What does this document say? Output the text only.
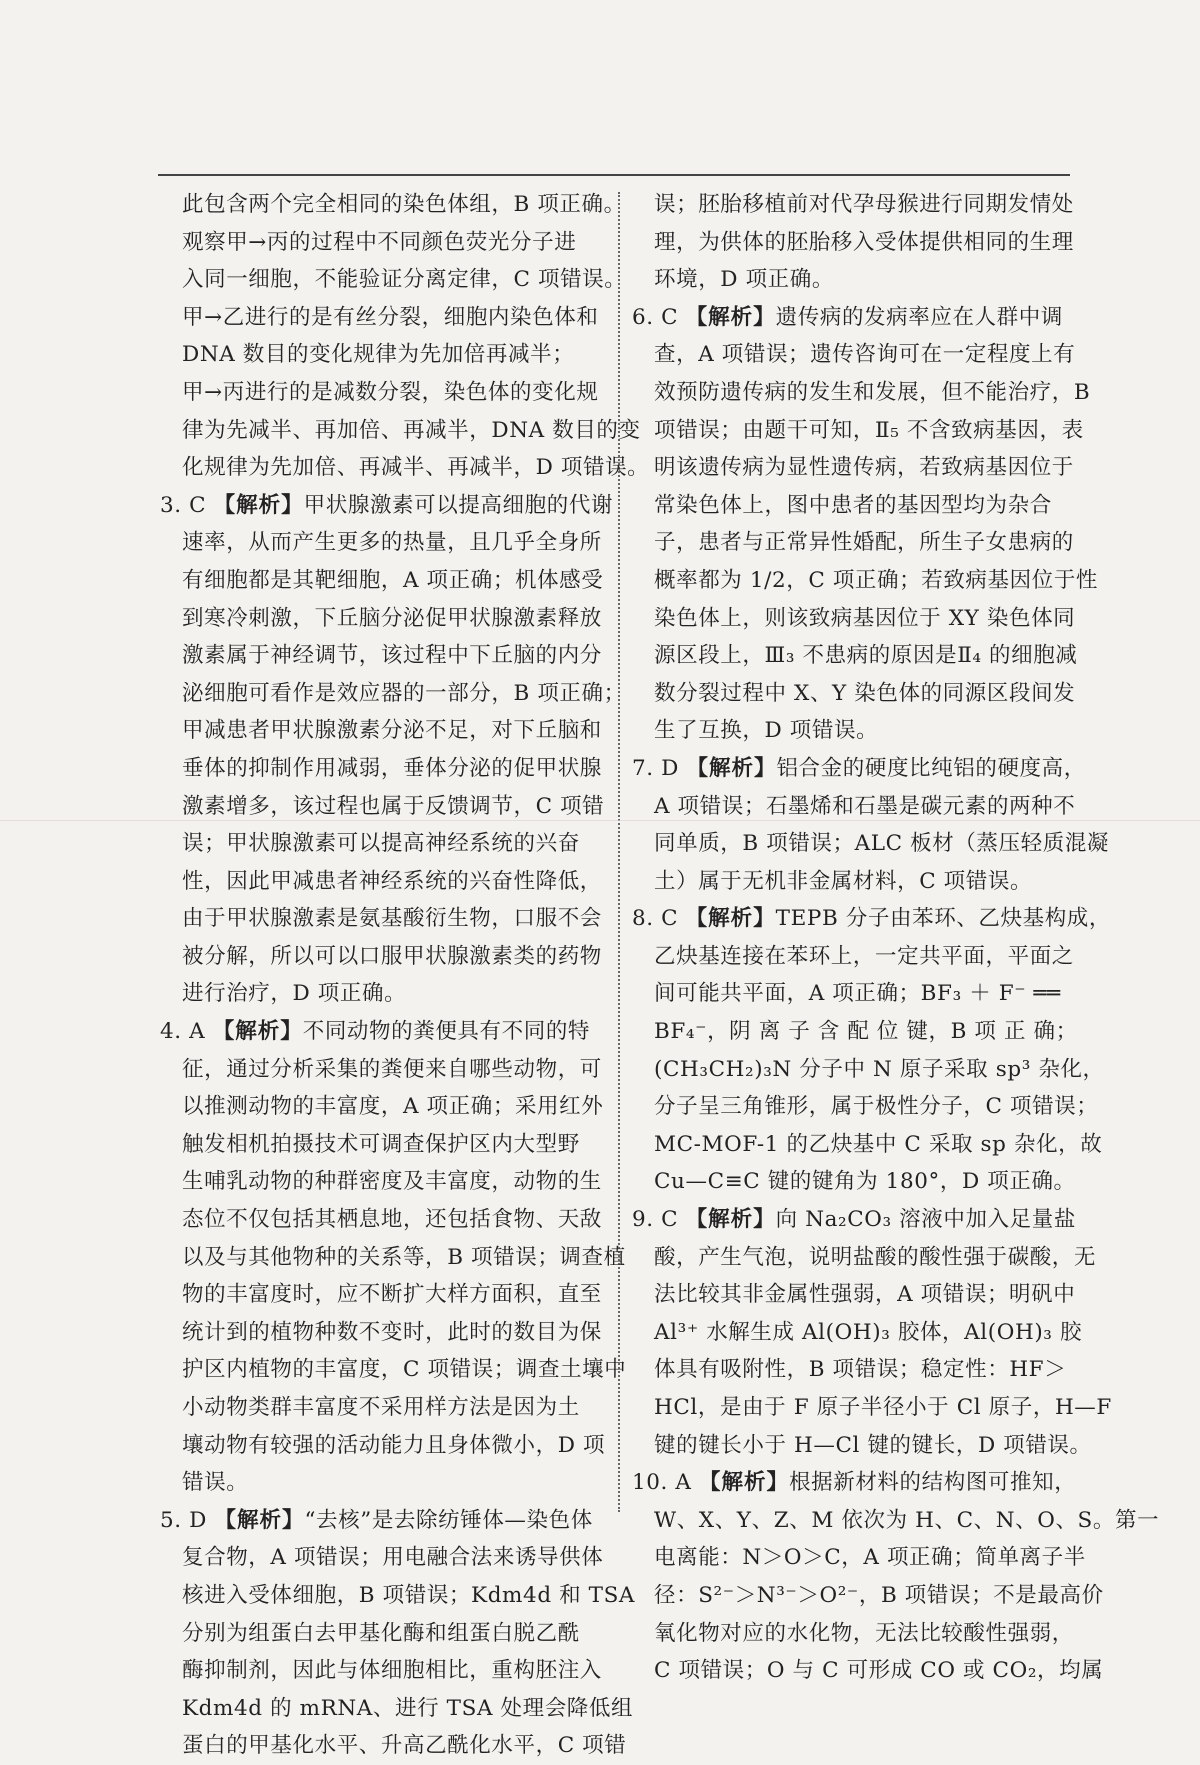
此包含两个完全相同的染色体组，B 项正确。
观察甲→丙的过程中不同颜色荧光分子进
入同一细胞，不能验证分离定律，C 项错误。
甲→乙进行的是有丝分裂，细胞内染色体和
DNA 数目的变化规律为先加倍再减半；
甲→丙进行的是减数分裂，染色体的变化规
律为先减半、再加倍、再减半，DNA 数目的变
化规律为先加倍、再减半、再减半，D 项错误。
3. C 【解析】甲状腺激素可以提高细胞的代谢
速率，从而产生更多的热量，且几乎全身所
有细胞都是其靶细胞，A 项正确；机体感受
到寒冷刺激，下丘脑分泌促甲状腺激素释放
激素属于神经调节，该过程中下丘脑的内分
泌细胞可看作是效应器的一部分，B 项正确；
甲减患者甲状腺激素分泌不足，对下丘脑和
垂体的抑制作用减弱，垂体分泌的促甲状腺
激素增多，该过程也属于反馈调节，C 项错
误；甲状腺激素可以提高神经系统的兴奋
性，因此甲减患者神经系统的兴奋性降低，
由于甲状腺激素是氨基酸衍生物，口服不会
被分解，所以可以口服甲状腺激素类的药物
进行治疗，D 项正确。
4. A 【解析】不同动物的粪便具有不同的特
征，通过分析采集的粪便来自哪些动物，可
以推测动物的丰富度，A 项正确；采用红外
触发相机拍摄技术可调查保护区内大型野
生哺乳动物的种群密度及丰富度，动物的生
态位不仅包括其栖息地，还包括食物、天敌
以及与其他物种的关系等，B 项错误；调查植
物的丰富度时，应不断扩大样方面积，直至
统计到的植物种数不变时，此时的数目为保
护区内植物的丰富度，C 项错误；调查土壤中
小动物类群丰富度不采用样方法是因为土
壤动物有较强的活动能力且身体微小，D 项
错误。
5. D 【解析】“去核”是去除纺锤体—染色体
复合物，A 项错误；用电融合法来诱导供体
核进入受体细胞，B 项错误；Kdm4d 和 TSA
分别为组蛋白去甲基化酶和组蛋白脱乙酰
酶抑制剂，因此与体细胞相比，重构胚注入
Kdm4d 的 mRNA、进行 TSA 处理会降低组
蛋白的甲基化水平、升高乙酰化水平，C 项错
误；胚胎移植前对代孕母猴进行同期发情处
理，为供体的胚胎移入受体提供相同的生理
环境，D 项正确。
6. C 【解析】遗传病的发病率应在人群中调
查，A 项错误；遗传咨询可在一定程度上有
效预防遗传病的发生和发展，但不能治疗，B
项错误；由题干可知，Ⅱ₅ 不含致病基因，表
明该遗传病为显性遗传病，若致病基因位于
常染色体上，图中患者的基因型均为杂合
子，患者与正常异性婚配，所生子女患病的
概率都为 1/2，C 项正确；若致病基因位于性
染色体上，则该致病基因位于 XY 染色体同
源区段上，Ⅲ₃ 不患病的原因是Ⅱ₄ 的细胞减
数分裂过程中 X、Y 染色体的同源区段间发
生了互换，D 项错误。
7. D 【解析】铝合金的硬度比纯铝的硬度高，
A 项错误；石墨烯和石墨是碳元素的两种不
同单质，B 项错误；ALC 板材（蒸压轻质混凝
土）属于无机非金属材料，C 项错误。
8. C 【解析】TEPB 分子由苯环、乙炔基构成，
乙炔基连接在苯环上，一定共平面，平面之
间可能共平面，A 项正确；BF₃ ＋ F⁻ ══
BF₄⁻，阴 离 子 含 配 位 键，B 项 正 确；
(CH₃CH₂)₃N 分子中 N 原子采取 sp³ 杂化，
分子呈三角锥形，属于极性分子，C 项错误；
MC-MOF-1 的乙炔基中 C 采取 sp 杂化，故
Cu—C≡C 键的键角为 180°，D 项正确。
9. C 【解析】向 Na₂CO₃ 溶液中加入足量盐
酸，产生气泡，说明盐酸的酸性强于碳酸，无
法比较其非金属性强弱，A 项错误；明矾中
Al³⁺ 水解生成 Al(OH)₃ 胶体，Al(OH)₃ 胶
体具有吸附性，B 项错误；稳定性：HF＞
HCl，是由于 F 原子半径小于 Cl 原子，H—F
键的键长小于 H—Cl 键的键长，D 项错误。
10. A 【解析】根据新材料的结构图可推知，
W、X、Y、Z、M 依次为 H、C、N、O、S。第一
电离能：N＞O＞C，A 项正确；简单离子半
径：S²⁻＞N³⁻＞O²⁻，B 项错误；不是最高价
氧化物对应的水化物，无法比较酸性强弱，
C 项错误；O 与 C 可形成 CO 或 CO₂，均属
